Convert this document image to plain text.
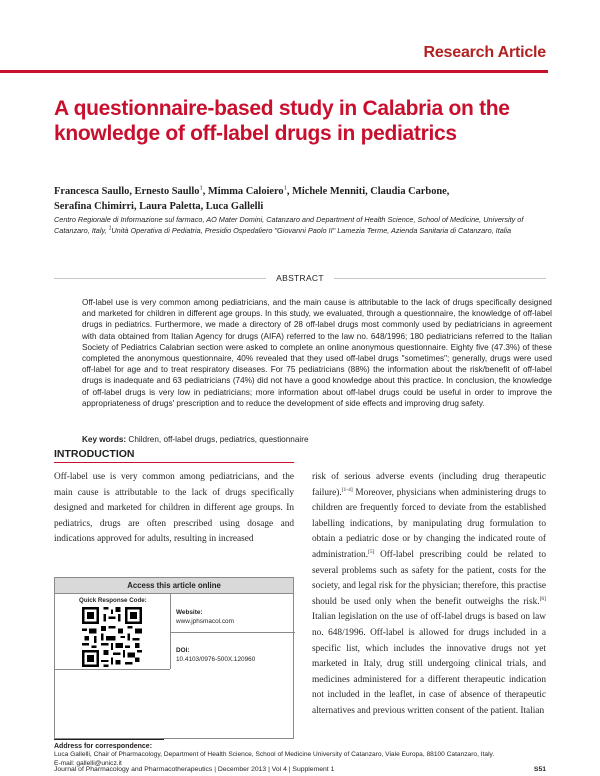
Research Article
A questionnaire-based study in Calabria on the knowledge of off-label drugs in pediatrics
Francesca Saullo, Ernesto Saullo$^1$, Mimma Caloiero$^1$, Michele Menniti, Claudia Carbone,
Serafina Chimirri, Laura Paletta, Luca Gallelli
Centro Regionale di Informazione sul farmaco, AO Mater Domini, Catanzaro and Department of Health Science, School of Medicine, University of Catanzaro, Italy, $^1$Unità Operativa di Pediatria, Presidio Ospedaliero "Giovanni Paolo II" Lamezia Terme, Azienda Sanitaria di Catanzaro, Italia
ABSTRACT

Off-label use is very common among pediatricians, and the main cause is attributable to the lack of drugs specifically designed and marketed for children in different age groups. In this study, we evaluated, through a questionnaire, the knowledge of off-label drugs in pediatrics. Furthermore, we made a directory of 28 off-label drugs most commonly used by pediatricians in agreement with data obtained from Italian Agency for drugs (AIFA) referred to the law no. 648/1996; 180 pediatricians referred to the Italian Society of Pediatrics Calabrian section were asked to complete an online anonymous questionnaire. Eighty five (47.3%) of these completed the anonymous questionnaire, 40% revealed that they used off-label drugs "sometimes"; generally, drugs were used off-label for age and to treat respiratory diseases. For 75 pediatricians (88%) the information about the risk/benefit of off-label drugs is inadequate and 63 pediatricians (74%) did not have a good knowledge about this practice. In conclusion, the knowledge of off-label drugs is very low in pediatricians; more information about off-label drugs could be useful in order to improve the appropriateness of drugs' prescription and to reduce the development of side effects and improving drug safety.

Key words: Children, off-label drugs, pediatrics, questionnaire
INTRODUCTION

Off-label use is very common among pediatricians, and the main cause is attributable to the lack of drugs specifically designed and marketed for children in different age groups. In pediatrics, drugs are often prescribed using dosage and indications approved for adults, resulting in increased

risk of serious adverse events (including drug therapeutic failure).[1-4] Moreover, physicians when administering drugs to children are frequently forced to deviate from the established labelling indications, by manipulating drug formulation to obtain a pediatric dose or by changing the indicated route of administration.[5] Off-label prescribing could be related to several problems such as safety for the patient, costs for the society, and legal risk for the physician; therefore, this practise should be used only when the benefit outweighs the risk.[6] Italian legislation on the use of off-label drugs is based on law no. 648/1996. Off-label is allowed for drugs included in a specific list, which includes the innovative drugs not yet marketed in Italy, drug still undergoing clinical trials, and medicines administered for a different therapeutic indication not included in the leaflet, in case of absence of therapeutic alternatives and previous written consent of the patient. Italian

Access this article online
Quick Response Code:
Website:
www.jphsmacol.com
DOI:
10.4103/0976-500X.120960
Address for correspondence:
Luca Gallelli, Chair of Pharmacology, Department of Health Science, School of Medicine University of Catanzaro, Viale Europa, 88100 Catanzaro, Italy.
E-mail: gallelli@unicz.it
Journal of Pharmacology and Pharmacotherapeutics | December 2013 | Vol 4 | Supplement 1	S51
